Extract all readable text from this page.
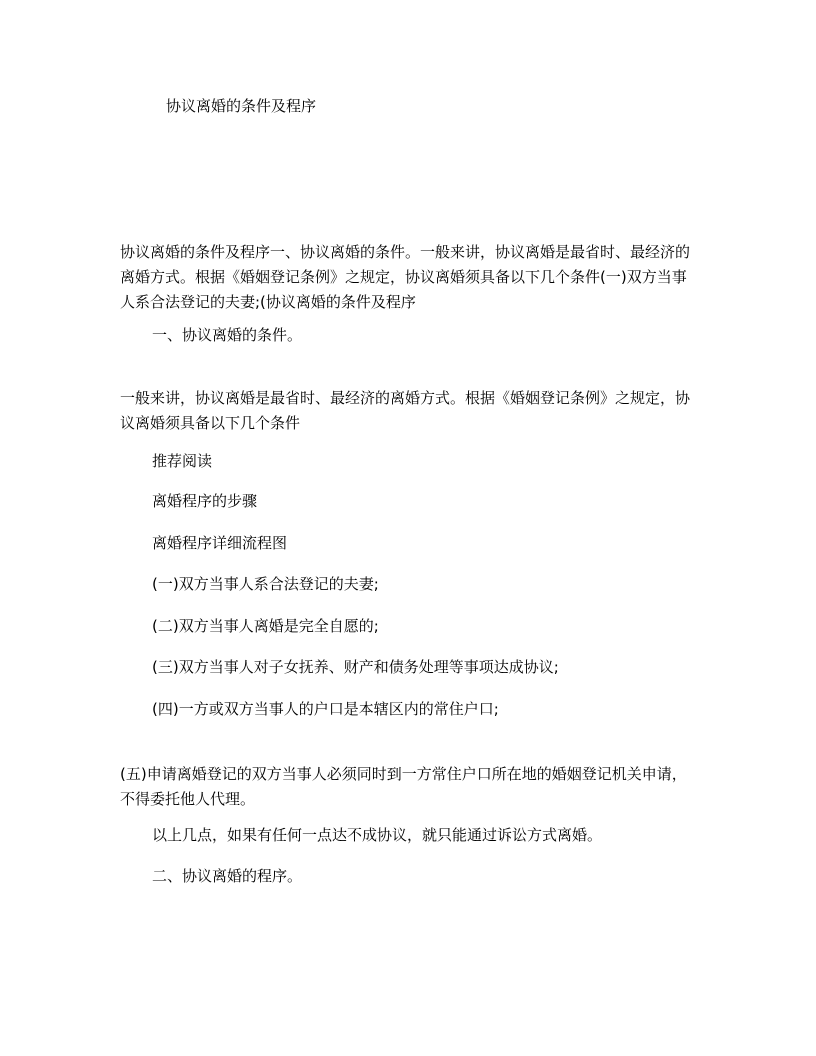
协议离婚的条件及程序

协议离婚的条件及程序一、协议离婚的条件。一般来讲，协议离婚是最省时、最经济的离婚方式。根据《婚姻登记条例》之规定，协议离婚须具备以下几个条件(一)双方当事人系合法登记的夫妻;(协议离婚的条件及程序

一、协议离婚的条件。

一般来讲，协议离婚是最省时、最经济的离婚方式。根据《婚姻登记条例》之规定，协议离婚须具备以下几个条件

推荐阅读

离婚程序的步骤

离婚程序详细流程图

(一)双方当事人系合法登记的夫妻;

(二)双方当事人离婚是完全自愿的;

(三)双方当事人对子女抚养、财产和债务处理等事项达成协议;

(四)一方或双方当事人的户口是本辖区内的常住户口;

(五)申请离婚登记的双方当事人必须同时到一方常住户口所在地的婚姻登记机关申请，不得委托他人代理。

以上几点，如果有任何一点达不成协议，就只能通过诉讼方式离婚。

二、协议离婚的程序。
